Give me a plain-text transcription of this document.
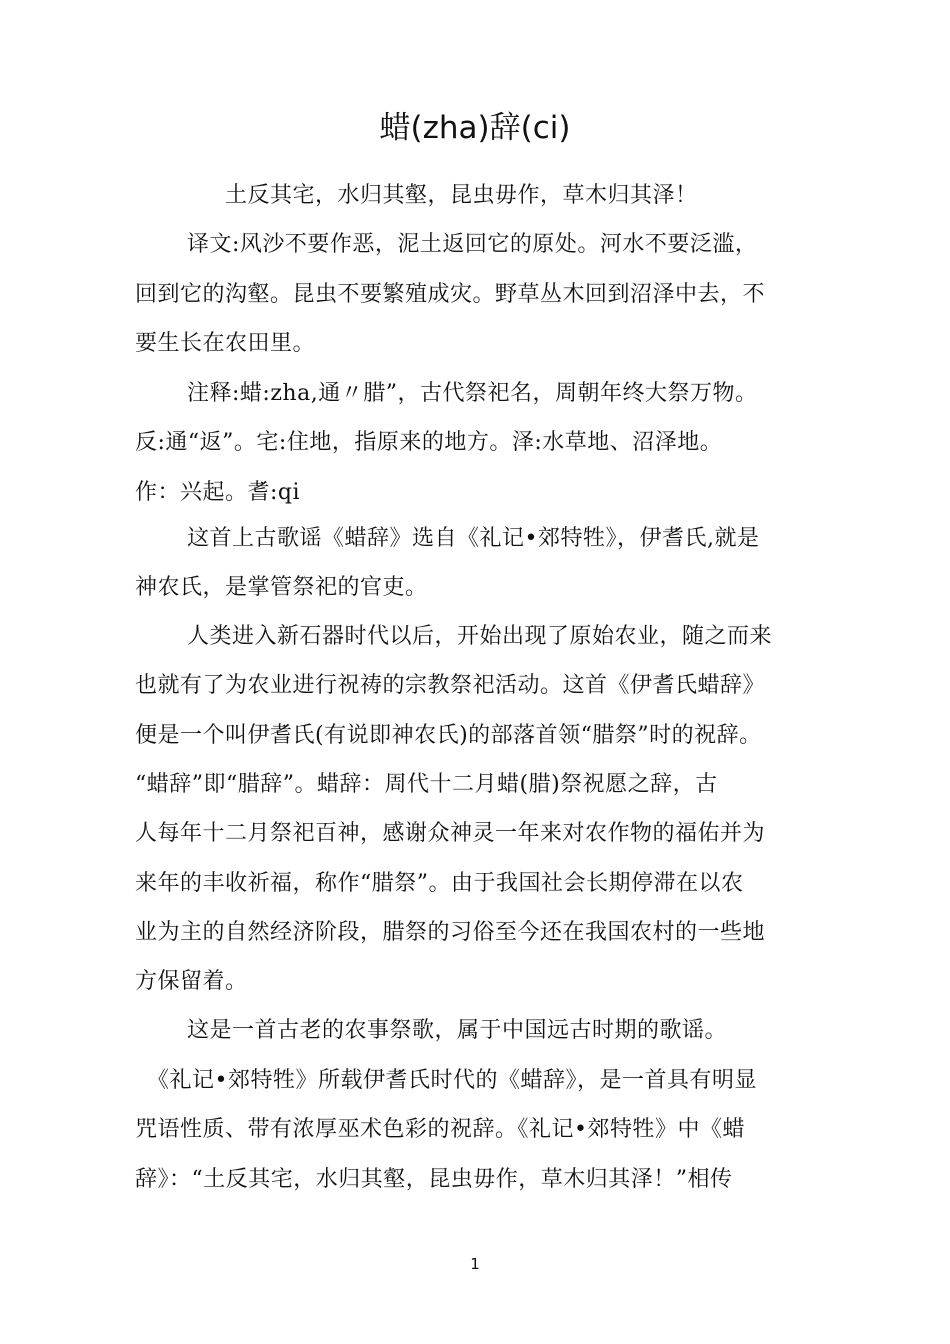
蜡(zha)辞(ci)
土反其宅，水归其壑，昆虫毋作，草木归其泽！
译文:风沙不要作恶，泥土返回它的原处。河水不要泛滥，
回到它的沟壑。昆虫不要繁殖成灾。野草丛木回到沼泽中去，不
要生长在农田里。
注释:蜡:zha,通〃腊”，古代祭祀名，周朝年终大祭万物。
反:通“返”。宅:住地，指原来的地方。泽:水草地、沼泽地。
作：兴起。耆:qi
这首上古歌谣《蜡辞》选自《礼记•郊特牲》，伊耆氏,就是
神农氏，是掌管祭祀的官吏。
人类进入新石器时代以后，开始出现了原始农业，随之而来
也就有了为农业进行祝祷的宗教祭祀活动。这首《伊耆氏蜡辞》
便是一个叫伊耆氏(有说即神农氏)的部落首领“腊祭”时的祝辞。
“蜡辞”即“腊辞”。蜡辞：周代十二月蜡(腊)祭祝愿之辞，古
人每年十二月祭祀百神，感谢众神灵一年来对农作物的福佑并为
来年的丰收祈福，称作“腊祭”。由于我国社会长期停滞在以农
业为主的自然经济阶段，腊祭的习俗至今还在我国农村的一些地
方保留着。
这是一首古老的农事祭歌，属于中国远古时期的歌谣。
《礼记•郊特牲》所载伊耆氏时代的《蜡辞》，是一首具有明显
咒语性质、带有浓厚巫术色彩的祝辞。《礼记•郊特牲》中《蜡
辞》：“土反其宅，水归其壑，昆虫毋作，草木归其泽！”相传
1
